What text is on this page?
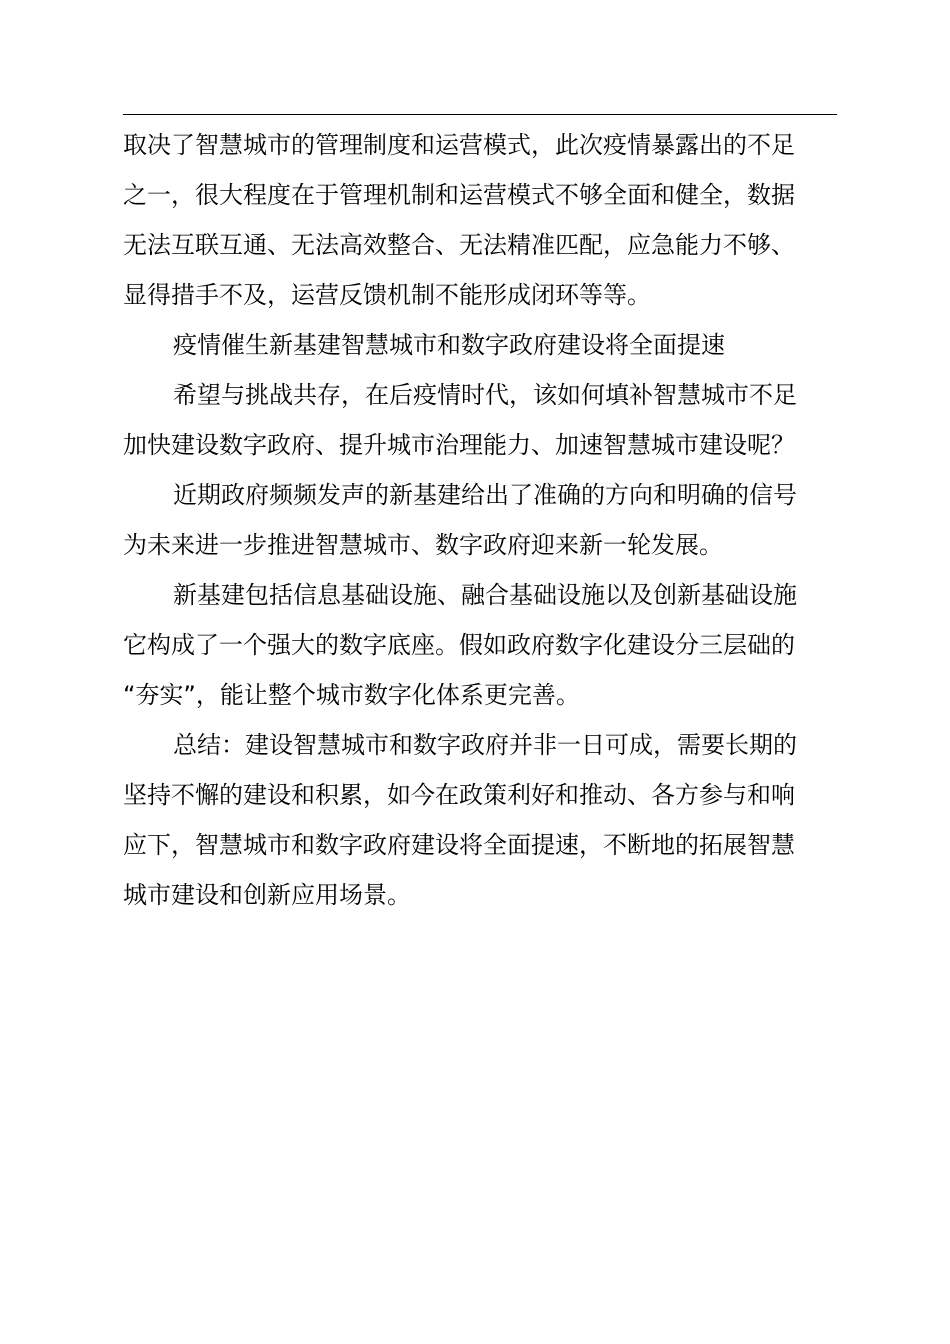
取决了智慧城市的管理制度和运营模式，此次疫情暴露出的不足
之一，很大程度在于管理机制和运营模式不够全面和健全，数据
无法互联互通、无法高效整合、无法精准匹配，应急能力不够、
显得措手不及，运营反馈机制不能形成闭环等等。
疫情催生新基建智慧城市和数字政府建设将全面提速
希望与挑战共存，在后疫情时代，该如何填补智慧城市不足
加快建设数字政府、提升城市治理能力、加速智慧城市建设呢？
近期政府频频发声的新基建给出了准确的方向和明确的信号
为未来进一步推进智慧城市、数字政府迎来新一轮发展。
新基建包括信息基础设施、融合基础设施以及创新基础设施
它构成了一个强大的数字底座。假如政府数字化建设分三层础的
“夯实”，能让整个城市数字化体系更完善。
总结：建设智慧城市和数字政府并非一日可成，需要长期的
坚持不懈的建设和积累，如今在政策利好和推动、各方参与和响
应下，智慧城市和数字政府建设将全面提速，不断地的拓展智慧
城市建设和创新应用场景。
